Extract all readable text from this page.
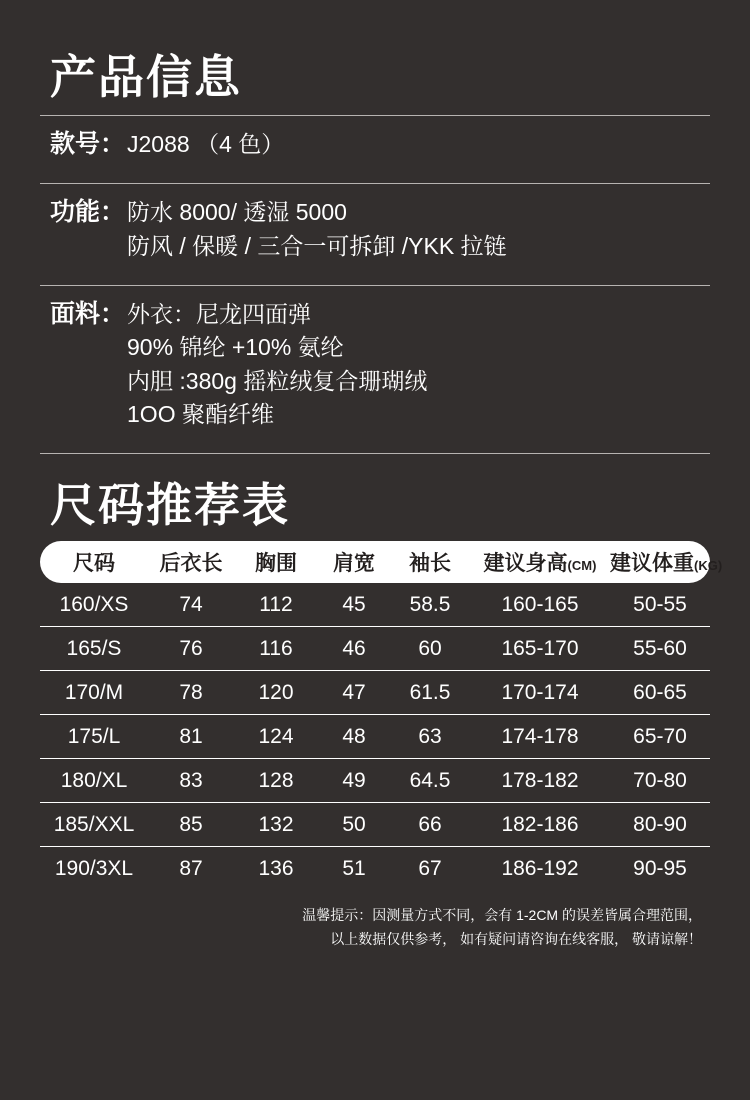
产品信息
款号： J2088 （4 色）
功能： 防水 8000/ 透湿 5000
防风 / 保暖 / 三合一可拆卸 /YKK 拉链
面料： 外衣：尼龙四面弹
90% 锦纶 +10% 氨纶
内胆 :380g 摇粒绒复合珊瑚绒
1OO 聚酯纤维
尺码推荐表
尺码	后衣长	胸围	肩宽	袖长	建议身高(CM) 建议体重(KG)
160/XS	74	112	45	58.5	160-165	50-55
165/S	76	116	46	60	165-170	55-60
170/M	78	120	47	61.5	170-174	60-65
175/L	81	124	48	63	174-178	65-70
180/XL	83	128	49	64.5	178-182	70-80
185/XXL	85	132	50	66	182-186	80-90
190/3XL	87	136	51	67	186-192	90-95
温馨提示：因测量方式不同，会有 1-2CM 的误差皆属合理范围，
以上数据仅供参考， 如有疑问请咨询在线客服， 敬请谅解！
